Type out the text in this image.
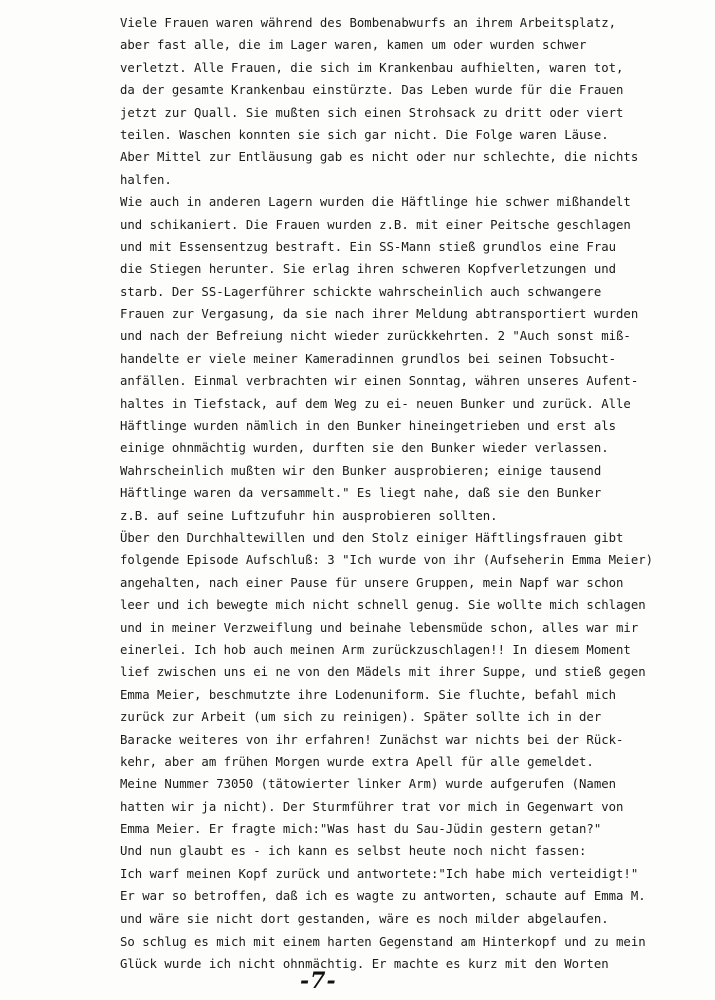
Viele Frauen waren während des Bombenabwurfs an ihrem Arbeitsplatz,
aber fast alle, die im Lager waren, kamen um oder wurden schwer
verletzt. Alle Frauen, die sich im Krankenbau aufhielten, waren tot,
da der gesamte Krankenbau einstürzte. Das Leben wurde für die Frauen
jetzt zur Quall. Sie mußten sich einen Strohsack zu dritt oder viert
teilen. Waschen konnten sie sich gar nicht. Die Folge waren Läuse.
Aber Mittel zur Entläusung gab es nicht oder nur schlechte, die nichts
halfen.
Wie auch in anderen Lagern wurden die Häftlinge hie schwer mißhandelt
und schikaniert. Die Frauen wurden z.B. mit einer Peitsche geschlagen
und mit Essensentzug bestraft. Ein SS-Mann stieß grundlos eine Frau
die Stiegen herunter. Sie erlag ihren schweren Kopfverletzungen und
starb. Der SS-Lagerführer schickte wahrscheinlich auch schwangere
Frauen zur Vergasung, da sie nach ihrer Meldung abtransportiert wurden
und nach der Befreiung nicht wieder zurückkehrten. 2 "Auch sonst miß-
handelte er viele meiner Kameradinnen grundlos bei seinen Tobsucht-
anfällen. Einmal verbrachten wir einen Sonntag, währen unseres Aufent-
haltes in Tiefstack, auf dem Weg zu ei- neuen Bunker und zurück. Alle
Häftlinge wurden nämlich in den Bunker hineingetrieben und erst als
einige ohnmächtig wurden, durften sie den Bunker wieder verlassen.
Wahrscheinlich mußten wir den Bunker ausprobieren; einige tausend
Häftlinge waren da versammelt." Es liegt nahe, daß sie den Bunker
z.B. auf seine Luftzufuhr hin ausprobieren sollten.
Über den Durchhaltewillen und den Stolz einiger Häftlingsfrauen gibt
folgende Episode Aufschluß: 3 "Ich wurde von ihr (Aufseherin Emma Meier)
angehalten, nach einer Pause für unsere Gruppen, mein Napf war schon
leer und ich bewegte mich nicht schnell genug. Sie wollte mich schlagen
und in meiner Verzweiflung und beinahe lebensmüde schon, alles war mir
einerlei. Ich hob auch meinen Arm zurückzuschlagen!! In diesem Moment
lief zwischen uns ei ne von den Mädels mit ihrer Suppe, und stieß gegen
Emma Meier, beschmutzte ihre Lodenuniform. Sie fluchte, befahl mich
zurück zur Arbeit (um sich zu reinigen). Später sollte ich in der
Baracke weiteres von ihr erfahren! Zunächst war nichts bei der Rück-
kehr, aber am frühen Morgen wurde extra Apell für alle gemeldet.
Meine Nummer 73050 (tätowierter linker Arm) wurde aufgerufen (Namen
hatten wir ja nicht). Der Sturmführer trat vor mich in Gegenwart von
Emma Meier. Er fragte mich:"Was hast du Sau-Jüdin gestern getan?"
Und nun glaubt es - ich kann es selbst heute noch nicht fassen:
Ich warf meinen Kopf zurück und antwortete:"Ich habe mich verteidigt!"
Er war so betroffen, daß ich es wagte zu antworten, schaute auf Emma M.
und wäre sie nicht dort gestanden, wäre es noch milder abgelaufen.
So schlug es mich mit einem harten Gegenstand am Hinterkopf und zu mein
Glück wurde ich nicht ohnmächtig. Er machte es kurz mit den Worten
-7-
